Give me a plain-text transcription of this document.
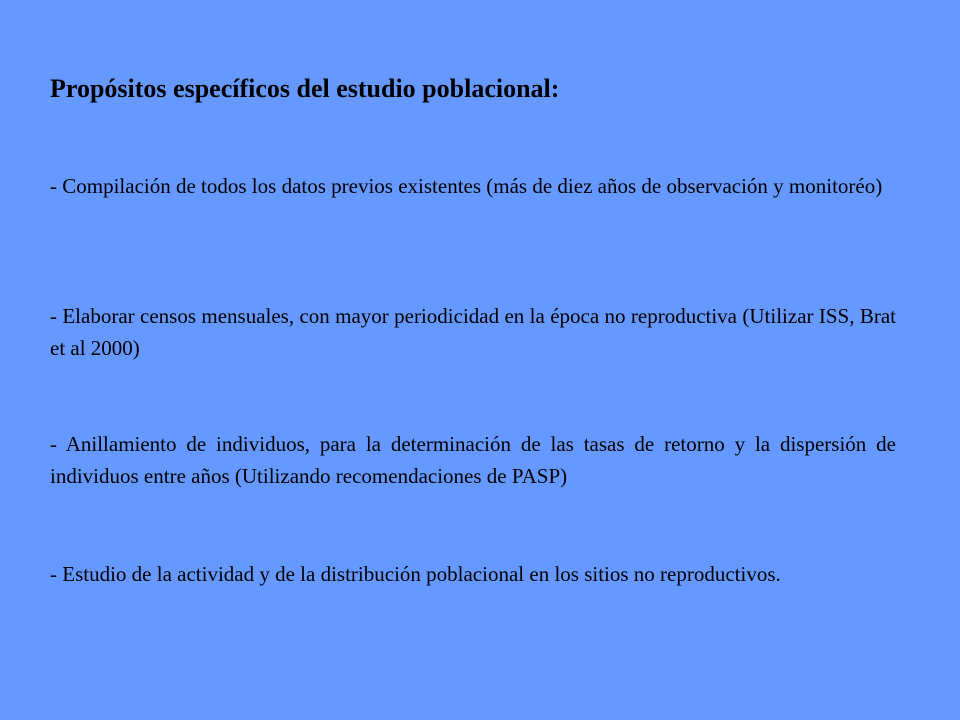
Propósitos específicos del estudio poblacional:
- Compilación de todos los datos previos existentes (más de diez años de observación y monitoréo)
- Elaborar censos mensuales, con mayor periodicidad en la época no reproductiva (Utilizar ISS, Brat et al 2000)
- Anillamiento de individuos, para la determinación de las tasas de retorno y la dispersión de individuos entre años (Utilizando recomendaciones de PASP)
- Estudio de la actividad y de la distribución poblacional en los sitios no reproductivos.
